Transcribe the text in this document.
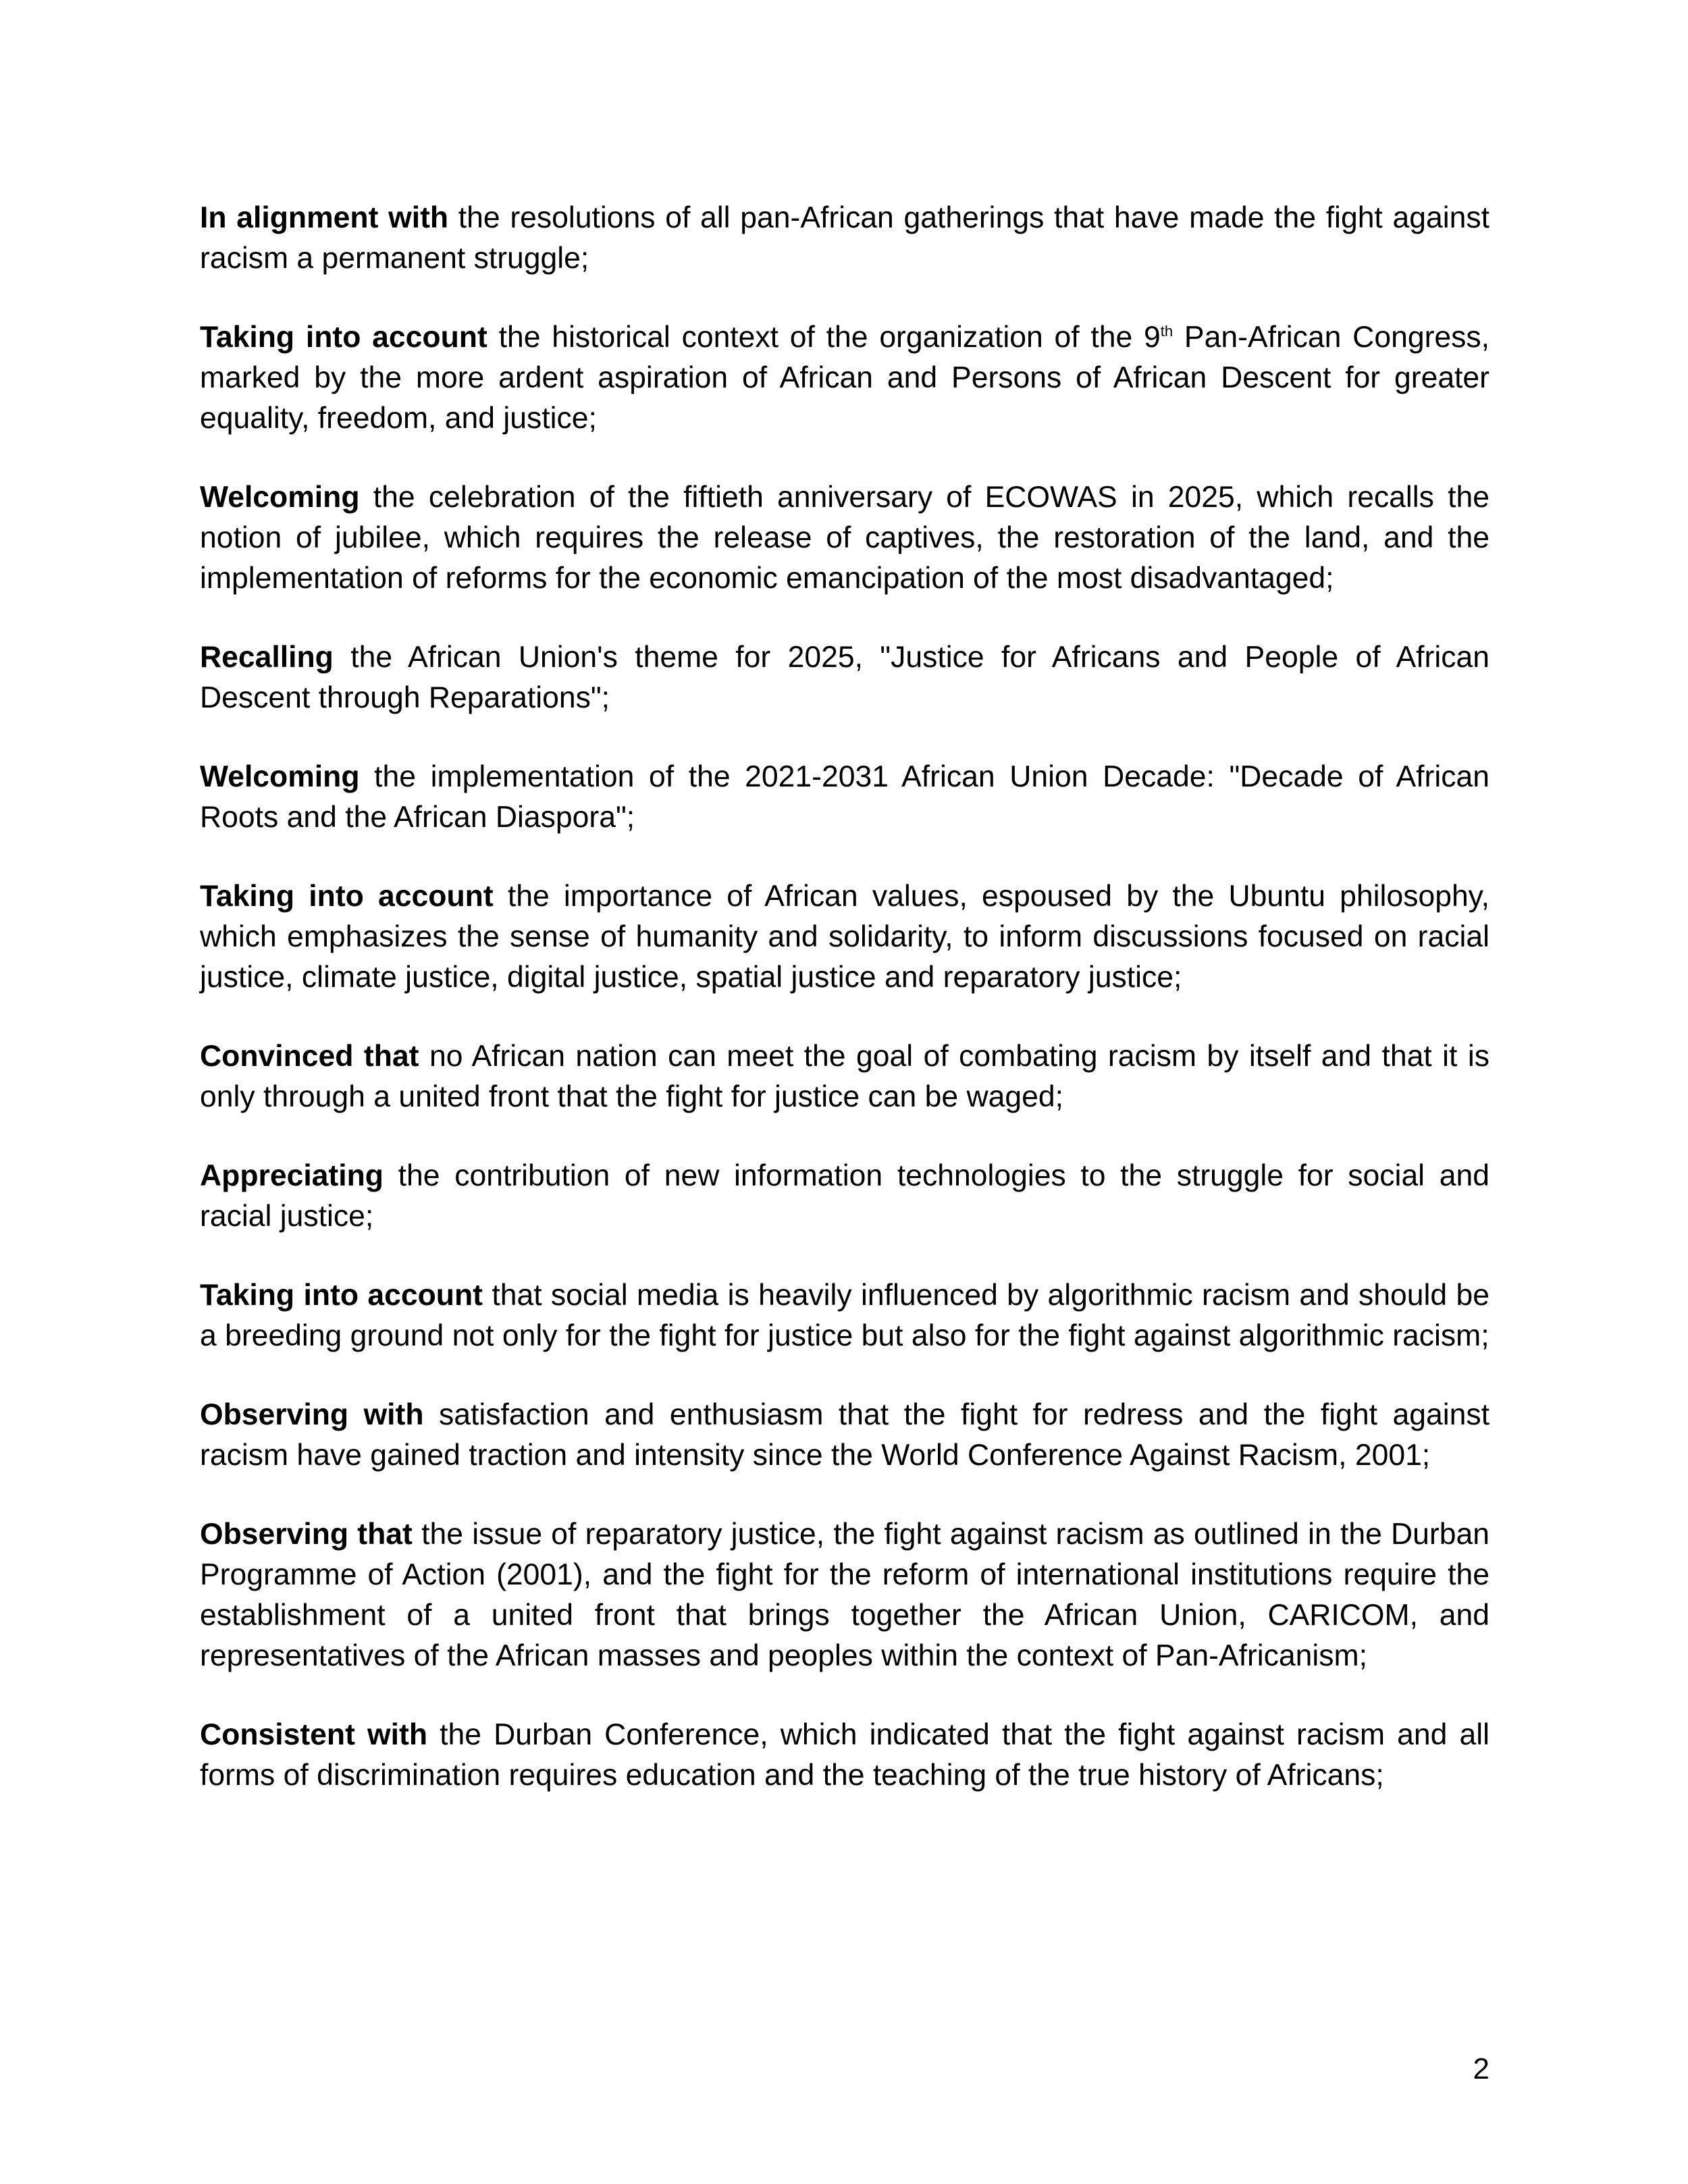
In alignment with the resolutions of all pan-African gatherings that have made the fight against racism a permanent struggle;

Taking into account the historical context of the organization of the 9th Pan-African Congress, marked by the more ardent aspiration of African and Persons of African Descent for greater equality, freedom, and justice;

Welcoming the celebration of the fiftieth anniversary of ECOWAS in 2025, which recalls the notion of jubilee, which requires the release of captives, the restoration of the land, and the implementation of reforms for the economic emancipation of the most disadvantaged;

Recalling the African Union's theme for 2025, "Justice for Africans and People of African Descent through Reparations";

Welcoming the implementation of the 2021-2031 African Union Decade: "Decade of African Roots and the African Diaspora";

Taking into account the importance of African values, espoused by the Ubuntu philosophy, which emphasizes the sense of humanity and solidarity, to inform discussions focused on racial justice, climate justice, digital justice, spatial justice and reparatory justice;

Convinced that no African nation can meet the goal of combating racism by itself and that it is only through a united front that the fight for justice can be waged;

Appreciating the contribution of new information technologies to the struggle for social and racial justice;

Taking into account that social media is heavily influenced by algorithmic racism and should be a breeding ground not only for the fight for justice but also for the fight against algorithmic racism;

Observing with satisfaction and enthusiasm that the fight for redress and the fight against racism have gained traction and intensity since the World Conference Against Racism, 2001;

Observing that the issue of reparatory justice, the fight against racism as outlined in the Durban Programme of Action (2001), and the fight for the reform of international institutions require the establishment of a united front that brings together the African Union, CARICOM, and representatives of the African masses and peoples within the context of Pan-Africanism;

Consistent with the Durban Conference, which indicated that the fight against racism and all forms of discrimination requires education and the teaching of the true history of Africans;

2
